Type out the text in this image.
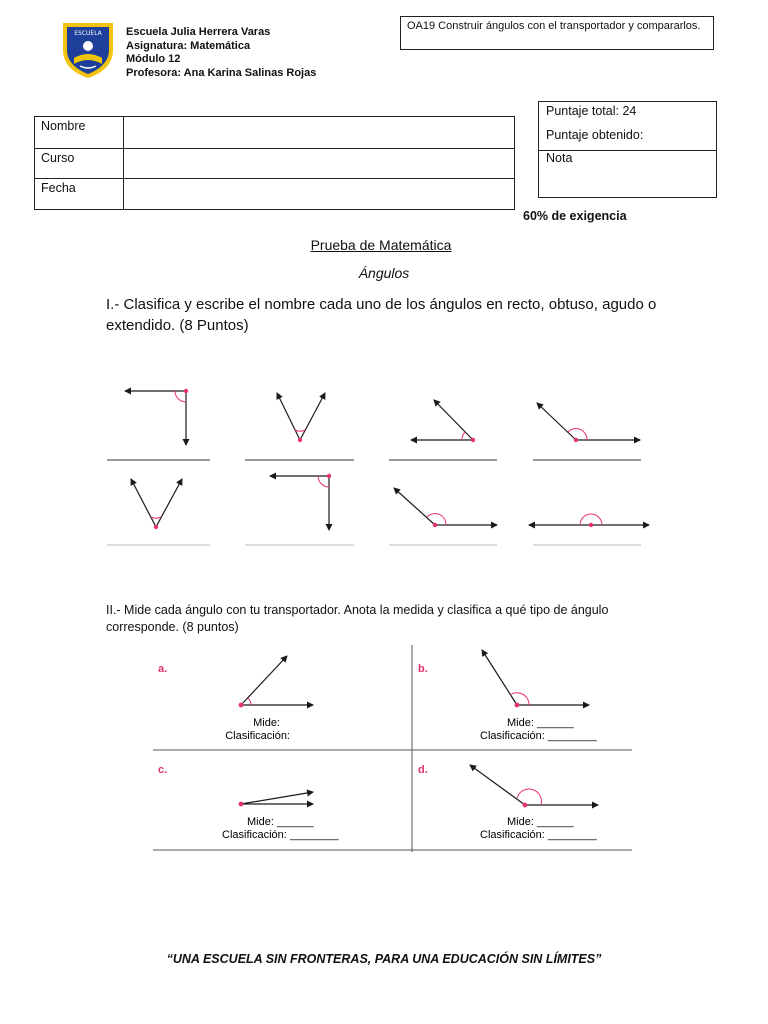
ESCUELA Escuela Julia Herrera Varas
Asignatura: Matemática
Módulo 12
Profesora: Ana Karina Salinas Rojas
OA19 Construir ángulos con el transportador y compararlos.
Nombre
Curso
Fecha
Puntaje total: 24
Puntaje obtenido:
Nota
60% de exigencia
Prueba de Matemática
Ángulos
I.- Clasifica y escribe el nombre cada uno de los ángulos en recto, obtuso, agudo o extendido. (8 Puntos)
II.- Mide cada ángulo con tu transportador. Anota la medida y clasifica a qué tipo de ángulo corresponde. (8 puntos)
a.
Mide:
Clasificación:
b.
Mide: ______
Clasificación: ________
c.
Mide: ______
Clasificación: ________
d.
Mide: ______
Clasificación: ________
“UNA ESCUELA SIN FRONTERAS, PARA UNA EDUCACIÓN SIN LÍMITES”
